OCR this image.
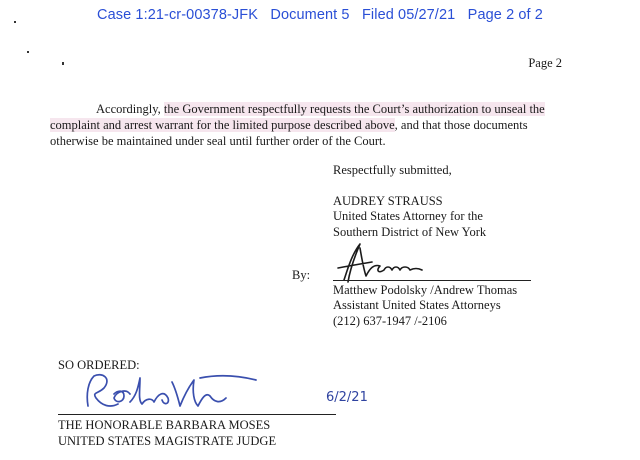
Case 1:21-cr-00378-JFK Document 5 Filed 05/27/21 Page 2 of 2
Page 2

Accordingly, the Government respectfully requests the Court’s authorization to unseal the complaint and arrest warrant for the limited purpose described above, and that those documents otherwise be maintained under seal until further order of the Court.

Respectfully submitted,
AUDREY STRAUSS
United States Attorney for the
Southern District of New York
By:
Matthew Podolsky /Andrew Thomas
Assistant United States Attorneys
(212) 637-1947 /-2106
SO ORDERED:
6/2/21
THE HONORABLE BARBARA MOSES
UNITED STATES MAGISTRATE JUDGE
